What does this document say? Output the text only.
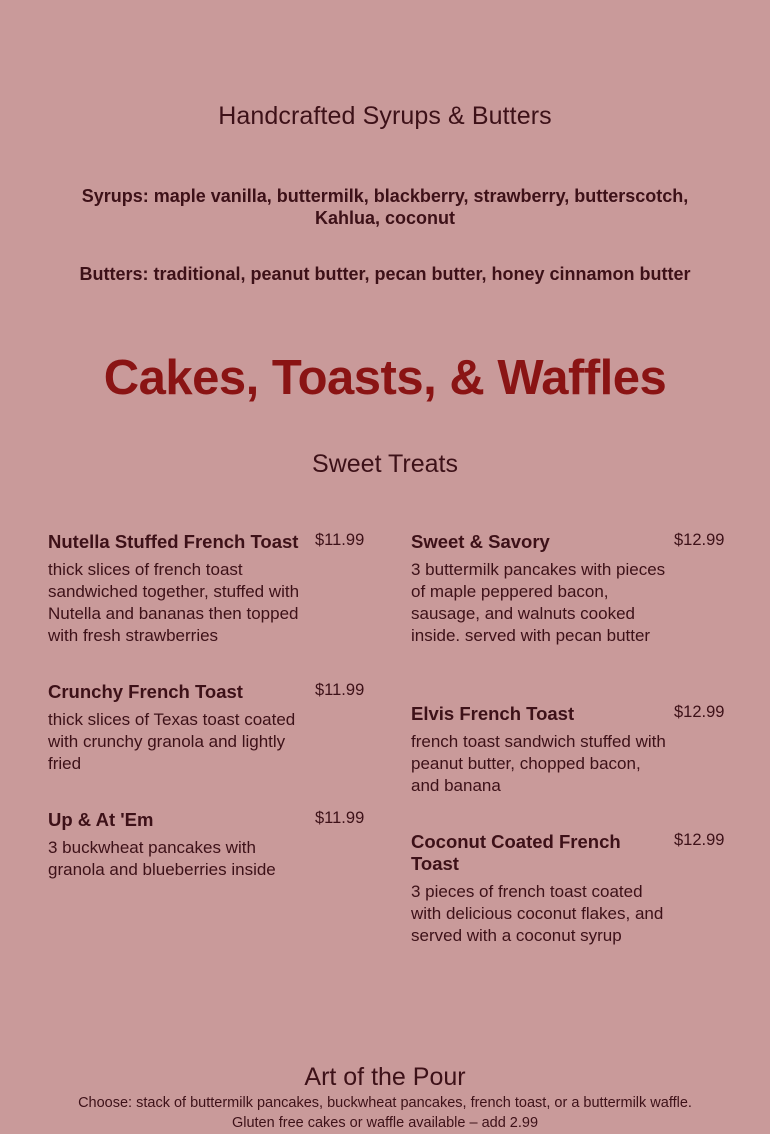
Handcrafted Syrups & Butters
Syrups: maple vanilla, buttermilk, blackberry, strawberry, butterscotch, Kahlua, coconut
Butters: traditional, peanut butter, pecan butter, honey cinnamon butter
Cakes, Toasts, & Waffles
Sweet Treats
Nutella Stuffed French Toast
thick slices of french toast sandwiched together, stuffed with Nutella and bananas then topped with fresh strawberries
$11.99
Crunchy French Toast
thick slices of Texas toast coated with crunchy granola and lightly fried
$11.99
Up & At 'Em
3 buckwheat pancakes with granola and blueberries inside
$11.99
Sweet & Savory
3 buttermilk pancakes with pieces of maple peppered bacon, sausage, and walnuts cooked inside. served with pecan butter
$12.99
Elvis French Toast
french toast sandwich stuffed with peanut butter, chopped bacon, and banana
$12.99
Coconut Coated French Toast
3 pieces of french toast coated with delicious coconut flakes, and served with a coconut syrup
$12.99
Art of the Pour
Choose: stack of buttermilk pancakes, buckwheat pancakes, french toast, or a buttermilk waffle.
Gluten free cakes or waffle available – add 2.99
